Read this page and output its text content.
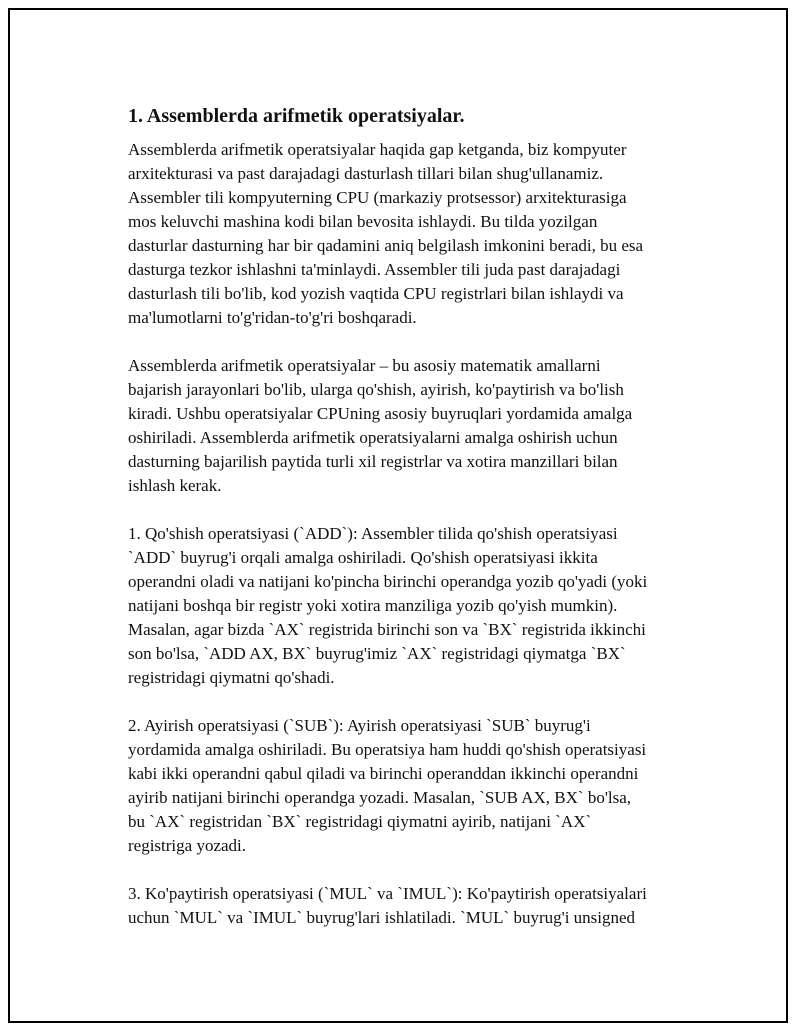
1. Assemblerda arifmetik operatsiyalar.

Assemblerda arifmetik operatsiyalar haqida gap ketganda, biz kompyuter
arxitekturasi va past darajadagi dasturlash tillari bilan shug'ullanamiz.
Assembler tili kompyuterning CPU (markaziy protsessor) arxitekturasiga
mos keluvchi mashina kodi bilan bevosita ishlaydi. Bu tilda yozilgan
dasturlar dasturning har bir qadamini aniq belgilash imkonini beradi, bu esa
dasturga tezkor ishlashni ta'minlaydi. Assembler tili juda past darajadagi
dasturlash tili bo'lib, kod yozish vaqtida CPU registrlari bilan ishlaydi va
ma'lumotlarni to'g'ridan-to'g'ri boshqaradi.

Assemblerda arifmetik operatsiyalar – bu asosiy matematik amallarni
bajarish jarayonlari bo'lib, ularga qo'shish, ayirish, ko'paytirish va bo'lish
kiradi. Ushbu operatsiyalar CPUning asosiy buyruqlari yordamida amalga
oshiriladi. Assemblerda arifmetik operatsiyalarni amalga oshirish uchun
dasturning bajarilish paytida turli xil registrlar va xotira manzillari bilan
ishlash kerak.

1. Qo'shish operatsiyasi (`ADD`): Assembler tilida qo'shish operatsiyasi
`ADD` buyrug'i orqali amalga oshiriladi. Qo'shish operatsiyasi ikkita
operandni oladi va natijani ko'pincha birinchi operandga yozib qo'yadi (yoki
natijani boshqa bir registr yoki xotira manziliga yozib qo'yish mumkin).
Masalan, agar bizda `AX` registrida birinchi son va `BX` registrida ikkinchi
son bo'lsa, `ADD AX, BX` buyrug'imiz `AX` registridagi qiymatga `BX`
registridagi qiymatni qo'shadi.

2. Ayirish operatsiyasi (`SUB`): Ayirish operatsiyasi `SUB` buyrug'i
yordamida amalga oshiriladi. Bu operatsiya ham huddi qo'shish operatsiyasi
kabi ikki operandni qabul qiladi va birinchi operanddan ikkinchi operandni
ayirib natijani birinchi operandga yozadi. Masalan, `SUB AX, BX` bo'lsa,
bu `AX` registridan `BX` registridagi qiymatni ayirib, natijani `AX`
registriga yozadi.

3. Ko'paytirish operatsiyasi (`MUL` va `IMUL`): Ko'paytirish operatsiyalari
uchun `MUL` va `IMUL` buyrug'lari ishlatiladi. `MUL` buyrug'i unsigned
